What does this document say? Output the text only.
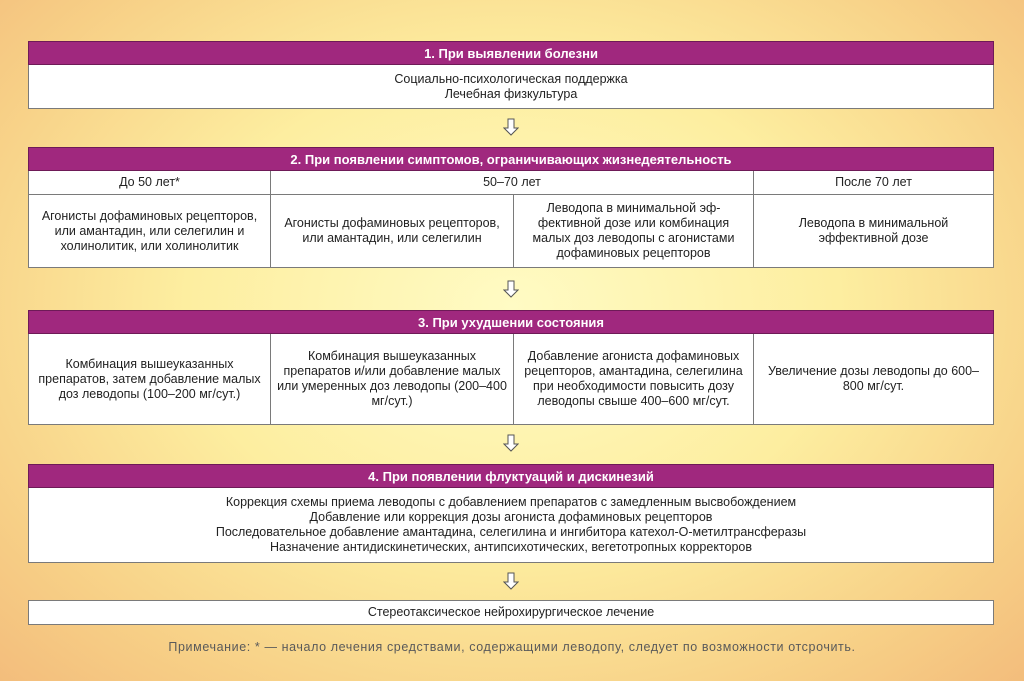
1. При выявлении болезни
Социально-психологическая поддержка
Лечебная физкультура
2. При появлении симптомов, ограничивающих жизнедеятельность
До 50 лет*	50–70 лет	После 70 лет
Агонисты дофаминовых рецепторов, или амантадин, или селегилин и холинолитик, или холинолитик
Агонисты дофаминовых рецепторов, или амантадин, или селегилин
Леводопа в минимальной эффективной дозе или комбинация малых доз леводопы с агонистами дофаминовых рецепторов
Леводопа в минимальной эффективной дозе
3. При ухудшении состояния
Комбинация вышеуказанных препаратов, затем добавление малых доз леводопы (100–200 мг/сут.)
Комбинация вышеуказанных препаратов и/или добавление малых или умеренных доз леводопы (200–400 мг/сут.)
Добавление агониста дофаминовых рецепторов, амантадина, селегилина при необходимости повысить дозу леводопы свыше 400–600 мг/сут.
Увеличение дозы леводопы до 600–800 мг/сут.
4. При появлении флуктуаций и дискинезий
Коррекция схемы приема леводопы с добавлением препаратов с замедленным высвобождением
Добавление или коррекция дозы агониста дофаминовых рецепторов
Последовательное добавление амантадина, селегилина и ингибитора катехол-О-метилтрансферазы
Назначение антидискинетических, антипсихотических, вегетотропных корректоров
Стереотаксическое нейрохирургическое лечение
Примечание: * — начало лечения средствами, содержащими леводопу, следует по возможности отсрочить.
